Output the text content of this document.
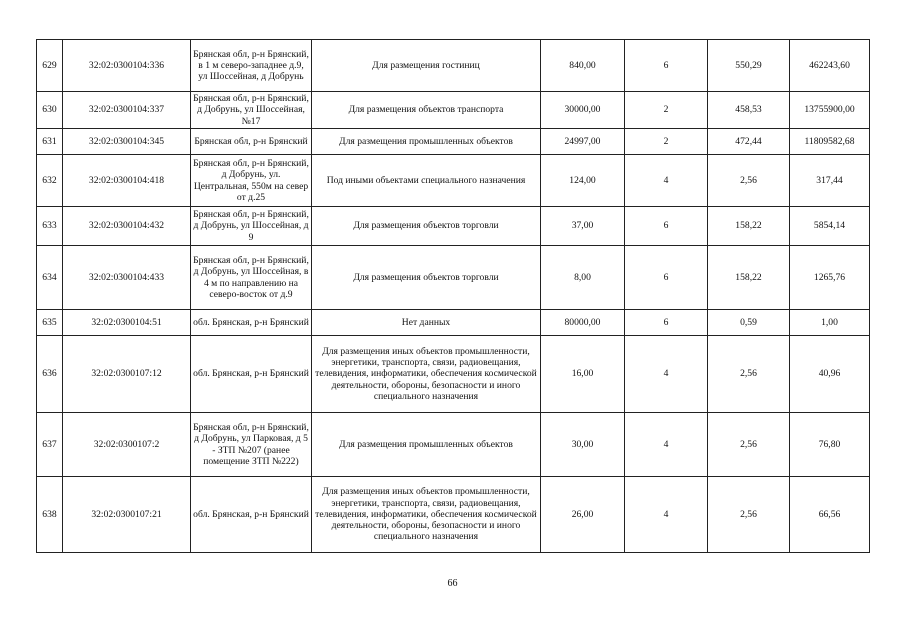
629	32:02:0300104:336	Брянская обл, р-н Брянский, в 1 м северо-западнее д.9, ул Шоссейная, д Добрунь	Для размещения гостиниц	840,00	6	550,29	462243,60
630	32:02:0300104:337	Брянская обл, р-н Брянский, д Добрунь, ул Шоссейная, №17	Для размещения объектов транспорта	30000,00	2	458,53	13755900,00
631	32:02:0300104:345	Брянская обл, р-н Брянский	Для размещения промышленных объектов	24997,00	2	472,44	11809582,68
632	32:02:0300104:418	Брянская обл, р-н Брянский, д Добрунь, ул. Центральная, 550м на север от д.25	Под иными объектами специального назначения	124,00	4	2,56	317,44
633	32:02:0300104:432	Брянская обл, р-н Брянский, д Добрунь, ул Шоссейная, д 9	Для размещения объектов торговли	37,00	6	158,22	5854,14
634	32:02:0300104:433	Брянская обл, р-н Брянский, д Добрунь, ул Шоссейная, в 4 м по направлению на северо-восток от д.9	Для размещения объектов торговли	8,00	6	158,22	1265,76
635	32:02:0300104:51	обл. Брянская, р-н Брянский	Нет данных	80000,00	6	0,59	1,00
636	32:02:0300107:12	обл. Брянская, р-н Брянский	Для размещения иных объектов промышленности, энергетики, транспорта, связи, радиовещания, телевидения, информатики, обеспечения космической деятельности, обороны, безопасности и иного специального назначения	16,00	4	2,56	40,96
637	32:02:0300107:2	Брянская обл, р-н Брянский, д Добрунь, ул Парковая, д 5 - ЗТП №207 (ранее помещение ЗТП №222)	Для размещения промышленных объектов	30,00	4	2,56	76,80
638	32:02:0300107:21	обл. Брянская, р-н Брянский	Для размещения иных объектов промышленности, энергетики, транспорта, связи, радиовещания, телевидения, информатики, обеспечения космической деятельности, обороны, безопасности и иного специального назначения	26,00	4	2,56	66,56
66
